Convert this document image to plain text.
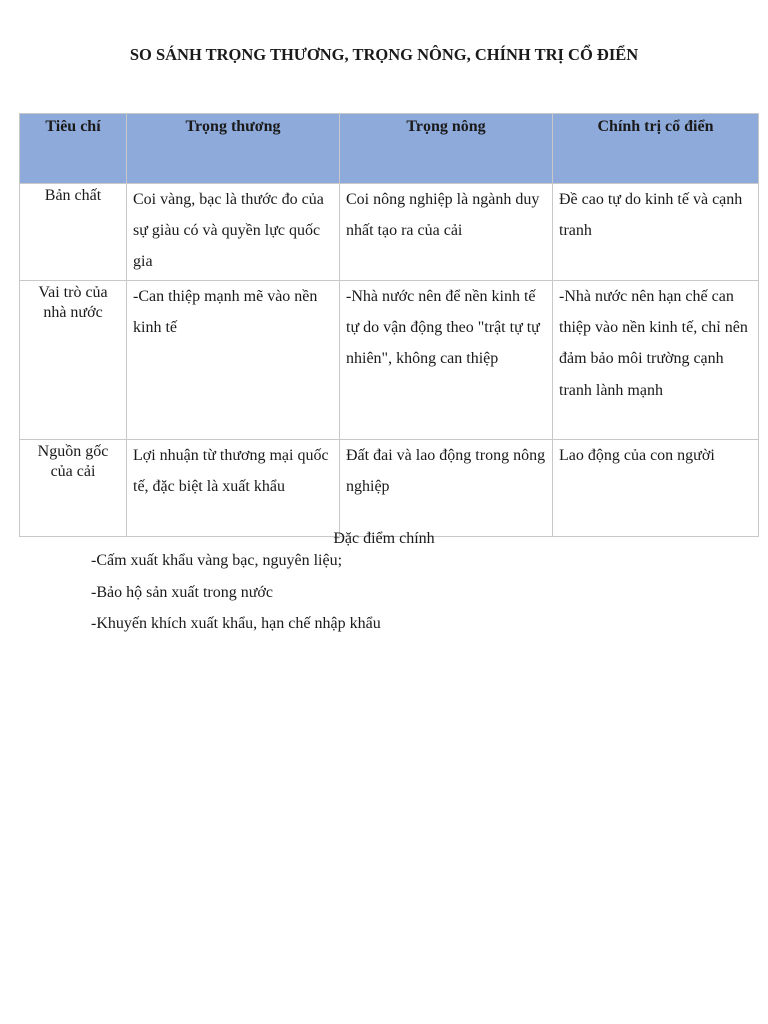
SO SÁNH TRỌNG THƯƠNG, TRỌNG NÔNG, CHÍNH TRỊ CỔ ĐIỂN
Tiêu chí	Trọng thương	Trọng nông	Chính trị cổ điển
Bản chất	Coi vàng, bạc là thước đo của sự giàu có và quyền lực quốc gia	Coi nông nghiệp là ngành duy nhất tạo ra của cải	Đề cao tự do kinh tế và cạnh tranh
Vai trò của nhà nước	-Can thiệp mạnh mẽ vào nền kinh tế	-Nhà nước nên để nền kinh tế tự do vận động theo "trật tự tự nhiên", không can thiệp	-Nhà nước nên hạn chế can thiệp vào nền kinh tế, chỉ nên đảm bảo môi trường cạnh tranh lành mạnh
Nguồn gốc của cải	Lợi nhuận từ thương mại quốc tế, đặc biệt là xuất khẩu	Đất đai và lao động trong nông nghiệp	Lao động của con người
Đặc điểm chính
-Cấm xuất khẩu vàng bạc, nguyên liệu;
-Bảo hộ sản xuất trong nước
-Khuyến khích xuất khẩu, hạn chế nhập khẩu
